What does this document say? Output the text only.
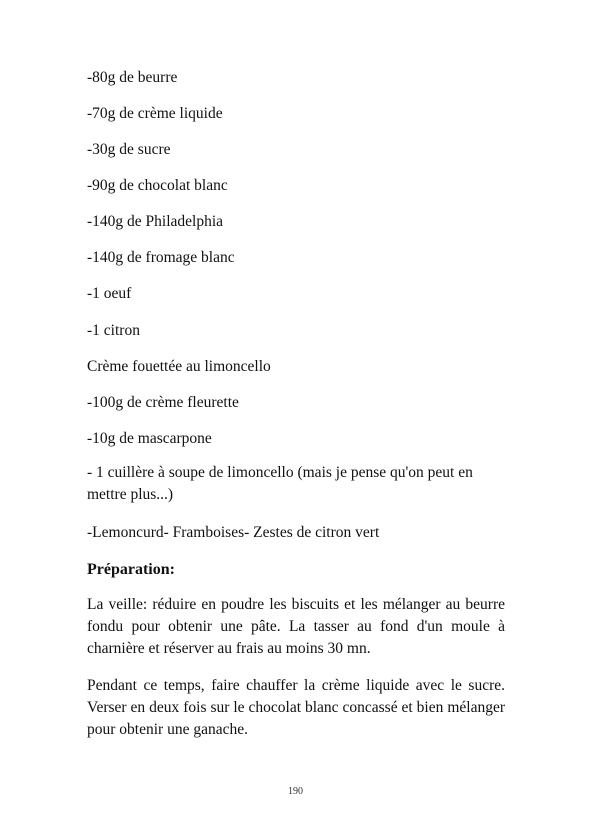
-80g de beurre

-70g de crème liquide

-30g de sucre

-90g de chocolat blanc

-140g de Philadelphia

-140g de fromage blanc

-1 oeuf

-1 citron

Crème fouettée au limoncello

-100g de crème fleurette

-10g de mascarpone

- 1 cuillère à soupe de limoncello (mais je pense qu'on peut en mettre plus...)

-Lemoncurd- Framboises- Zestes de citron vert

Préparation:

La veille: réduire en poudre les biscuits et les mélanger au beurre fondu pour obtenir une pâte. La tasser au fond d'un moule à charnière et réserver au frais au moins 30 mn.

Pendant ce temps, faire chauffer la crème liquide avec le sucre. Verser en deux fois sur le chocolat blanc concassé et bien mélanger pour obtenir une ganache.

190
